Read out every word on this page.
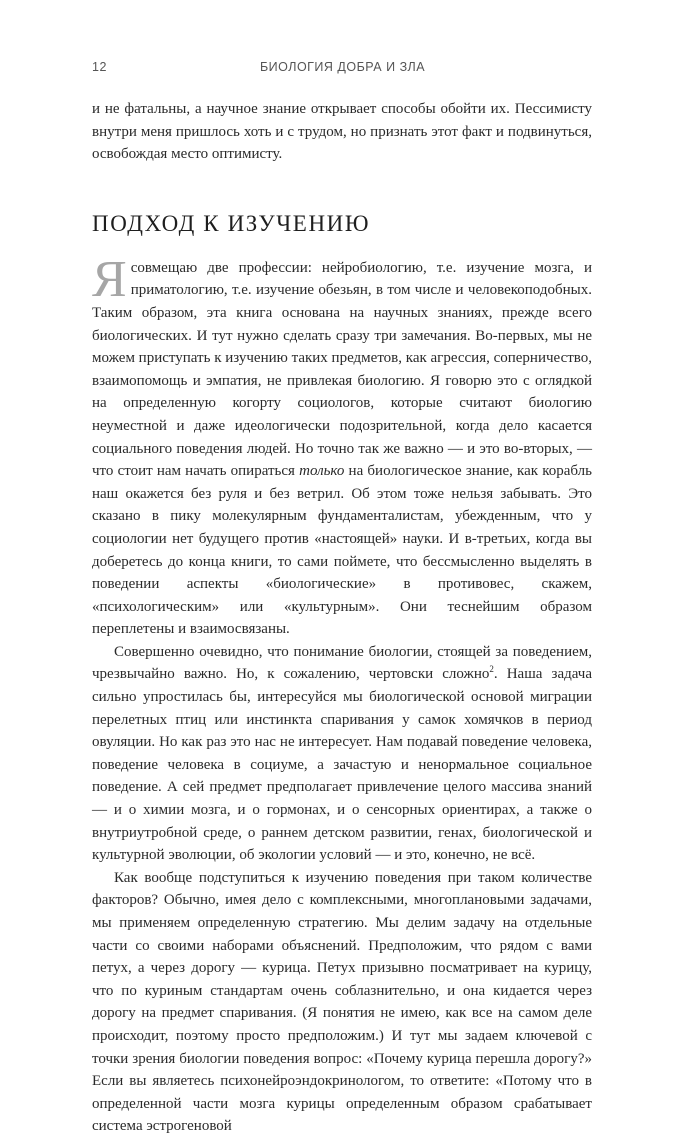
12	БИОЛОГИЯ ДОБРА И ЗЛА

и не фатальны, а научное знание открывает способы обойти их. Пессимисту внутри меня пришлось хоть и с трудом, но признать этот факт и подвинуться, освобождая место оптимисту.

ПОДХОД К ИЗУЧЕНИЮ

Я совмещаю две профессии: нейробиологию, т.е. изучение мозга, и приматологию, т.е. изучение обезьян, в том числе и человекоподобных. Таким образом, эта книга основана на научных знаниях, прежде всего биологических. И тут нужно сделать сразу три замечания. Во-первых, мы не можем приступать к изучению таких предметов, как агрессия, соперничество, взаимопомощь и эмпатия, не привлекая биологию. Я говорю это с оглядкой на определенную когорту социологов, которые считают биологию неуместной и даже идеологически подозрительной, когда дело касается социального поведения людей. Но точно так же важно — и это во-вторых, — что стоит нам начать опираться только на биологическое знание, как корабль наш окажется без руля и без ветрил. Об этом тоже нельзя забывать. Это сказано в пику молекулярным фундаменталистам, убежденным, что у социологии нет будущего против «настоящей» науки. И в-третьих, когда вы доберетесь до конца книги, то сами поймете, что бессмысленно выделять в поведении аспекты «биологические» в противовес, скажем, «психологическим» или «культурным». Они теснейшим образом переплетены и взаимосвязаны.

Совершенно очевидно, что понимание биологии, стоящей за поведением, чрезвычайно важно. Но, к сожалению, чертовски сложно$^2$. Наша задача сильно упростилась бы, интересуйся мы биологической основой миграции перелетных птиц или инстинкта спаривания у самок хомячков в период овуляции. Но как раз это нас не интересует. Нам подавай поведение человека, поведение человека в социуме, а зачастую и ненормальное социальное поведение. А сей предмет предполагает привлечение целого массива знаний — и о химии мозга, и о гормонах, и о сенсорных ориентирах, а также о внутриутробной среде, о раннем детском развитии, генах, биологической и культурной эволюции, об экологии условий — и это, конечно, не всё.

Как вообще подступиться к изучению поведения при таком количестве факторов? Обычно, имея дело с комплексными, многоплановыми задачами, мы применяем определенную стратегию. Мы делим задачу на отдельные части со своими наборами объяснений. Предположим, что рядом с вами петух, а через дорогу — курица. Петух призывно посматривает на курицу, что по куриным стандартам очень соблазнительно, и она кидается через дорогу на предмет спаривания. (Я понятия не имею, как все на самом деле происходит, поэтому просто предположим.) И тут мы задаем ключевой с точки зрения биологии поведения вопрос: «Почему курица перешла дорогу?» Если вы являетесь психонейроэндокринологом, то ответите: «Потому что в определенной части мозга курицы определенным образом срабатывает система эстрогеновой
